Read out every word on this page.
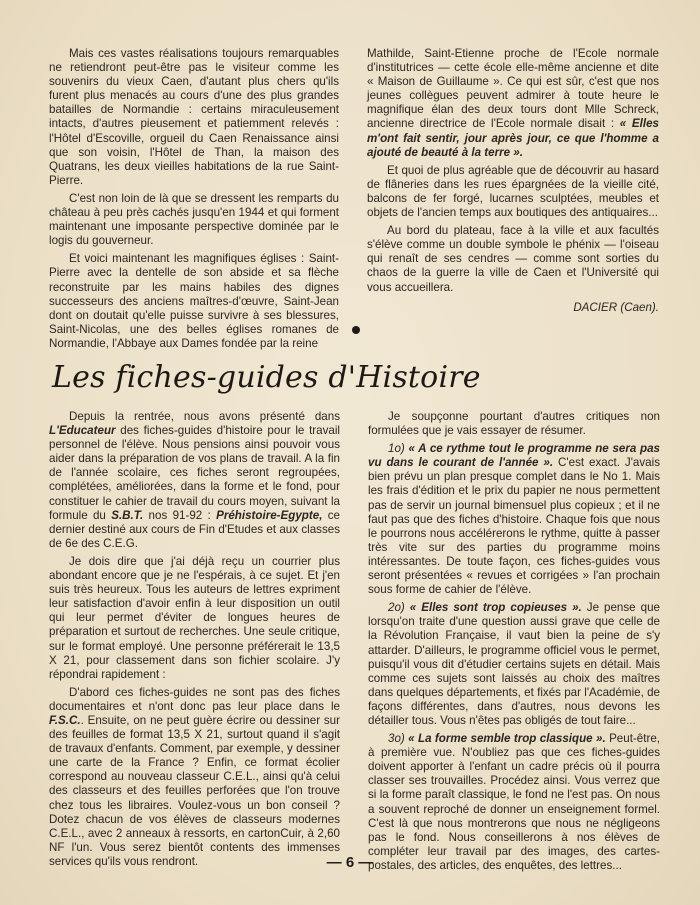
Mais ces vastes réalisations toujours remarquables ne retiendront peut-être pas le visiteur comme les souvenirs du vieux Caen, d'autant plus chers qu'ils furent plus menacés au cours d'une des plus grandes batailles de Normandie : certains miraculeusement intacts, d'autres pieusement et patiemment relevés : l'Hôtel d'Escoville, orgueil du Caen Renaissance ainsi que son voisin, l'Hôtel de Than, la maison des Quatrans, les deux vieilles habitations de la rue Saint-Pierre.

C'est non loin de là que se dressent les remparts du château à peu près cachés jusqu'en 1944 et qui forment maintenant une imposante perspective dominée par le logis du gouverneur.

Et voici maintenant les magnifiques églises : Saint-Pierre avec la dentelle de son abside et sa flèche reconstruite par les mains habiles des dignes successeurs des anciens maîtres-d'œuvre, Saint-Jean dont on doutait qu'elle puisse survivre à ses blessures, Saint-Nicolas, une des belles églises romanes de Normandie, l'Abbaye aux Dames fondée par la reine

Mathilde, Saint-Etienne proche de l'Ecole normale d'institutrices — cette école elle-même ancienne et dite « Maison de Guillaume ». Ce qui est sûr, c'est que nos jeunes collègues peuvent admirer à toute heure le magnifique élan des deux tours dont Mlle Schreck, ancienne directrice de l'Ecole normale disait : « Elles m'ont fait sentir, jour après jour, ce que l'homme a ajouté de beauté à la terre ».

Et quoi de plus agréable que de découvrir au hasard de flâneries dans les rues épargnées de la vieille cité, balcons de fer forgé, lucarnes sculptées, meubles et objets de l'ancien temps aux boutiques des antiquaires...

Au bord du plateau, face à la ville et aux facultés s'élève comme un double symbole le phénix — l'oiseau qui renaît de ses cendres — comme sont sorties du chaos de la guerre la ville de Caen et l'Université qui vous accueillera.

DACIER (Caen).
Les fiches-guides d'Histoire

Depuis la rentrée, nous avons présenté dans L'Educateur des fiches-guides d'histoire pour le travail personnel de l'élève. Nous pensions ainsi pouvoir vous aider dans la préparation de vos plans de travail. A la fin de l'année scolaire, ces fiches seront regroupées, complétées, améliorées, dans la forme et le fond, pour constituer le cahier de travail du cours moyen, suivant la formule du S.B.T. nos 91-92 : Préhistoire-Egypte, ce dernier destiné aux cours de Fin d'Etudes et aux classes de 6e des C.E.G.

Je dois dire que j'ai déjà reçu un courrier plus abondant encore que je ne l'espérais, à ce sujet. Et j'en suis très heureux. Tous les auteurs de lettres expriment leur satisfaction d'avoir enfin à leur disposition un outil qui leur permet d'éviter de longues heures de préparation et surtout de recherches. Une seule critique, sur le format employé. Une personne préférerait le 13,5 X 21, pour classement dans son fichier scolaire. J'y répondrai rapidement :

D'abord ces fiches-guides ne sont pas des fiches documentaires et n'ont donc pas leur place dans le F.S.C.. Ensuite, on ne peut guère écrire ou dessiner sur des feuilles de format 13,5 X 21, surtout quand il s'agit de travaux d'enfants. Comment, par exemple, y dessiner une carte de la France ? Enfin, ce format écolier correspond au nouveau classeur C.E.L., ainsi qu'à celui des classeurs et des feuilles perforées que l'on trouve chez tous les libraires. Voulez-vous un bon conseil ? Dotez chacun de vos élèves de classeurs modernes C.E.L., avec 2 anneaux à ressorts, en cartonCuir, à 2,60 NF l'un. Vous serez bientôt contents des immenses services qu'ils vous rendront.

Je soupçonne pourtant d'autres critiques non formulées que je vais essayer de résumer.

1o) « A ce rythme tout le programme ne sera pas vu dans le courant de l'année ». C'est exact. J'avais bien prévu un plan presque complet dans le No 1. Mais les frais d'édition et le prix du papier ne nous permettent pas de servir un journal bimensuel plus copieux ; et il ne faut pas que des fiches d'histoire. Chaque fois que nous le pourrons nous accélérerons le rythme, quitte à passer très vite sur des parties du programme moins intéressantes. De toute façon, ces fiches-guides vous seront présentées « revues et corrigées » l'an prochain sous forme de cahier de l'élève.

2o) « Elles sont trop copieuses ». Je pense que lorsqu'on traite d'une question aussi grave que celle de la Révolution Française, il vaut bien la peine de s'y attarder. D'ailleurs, le programme officiel vous le permet, puisqu'il vous dit d'étudier certains sujets en détail. Mais comme ces sujets sont laissés au choix des maîtres dans quelques départements, et fixés par l'Académie, de façons différentes, dans d'autres, nous devons les détailler tous. Vous n'êtes pas obligés de tout faire...

3o) « La forme semble trop classique ». Peut-être, à première vue. N'oubliez pas que ces fiches-guides doivent apporter à l'enfant un cadre précis où il pourra classer ses trouvailles. Procédez ainsi. Vous verrez que si la forme paraît classique, le fond ne l'est pas. On nous a souvent reproché de donner un enseignement formel. C'est là que nous montrerons que nous ne négligeons pas le fond. Nous conseillerons à nos élèves de compléter leur travail par des images, des cartes-postales, des articles, des enquêtes, des lettres...

— 6 —
